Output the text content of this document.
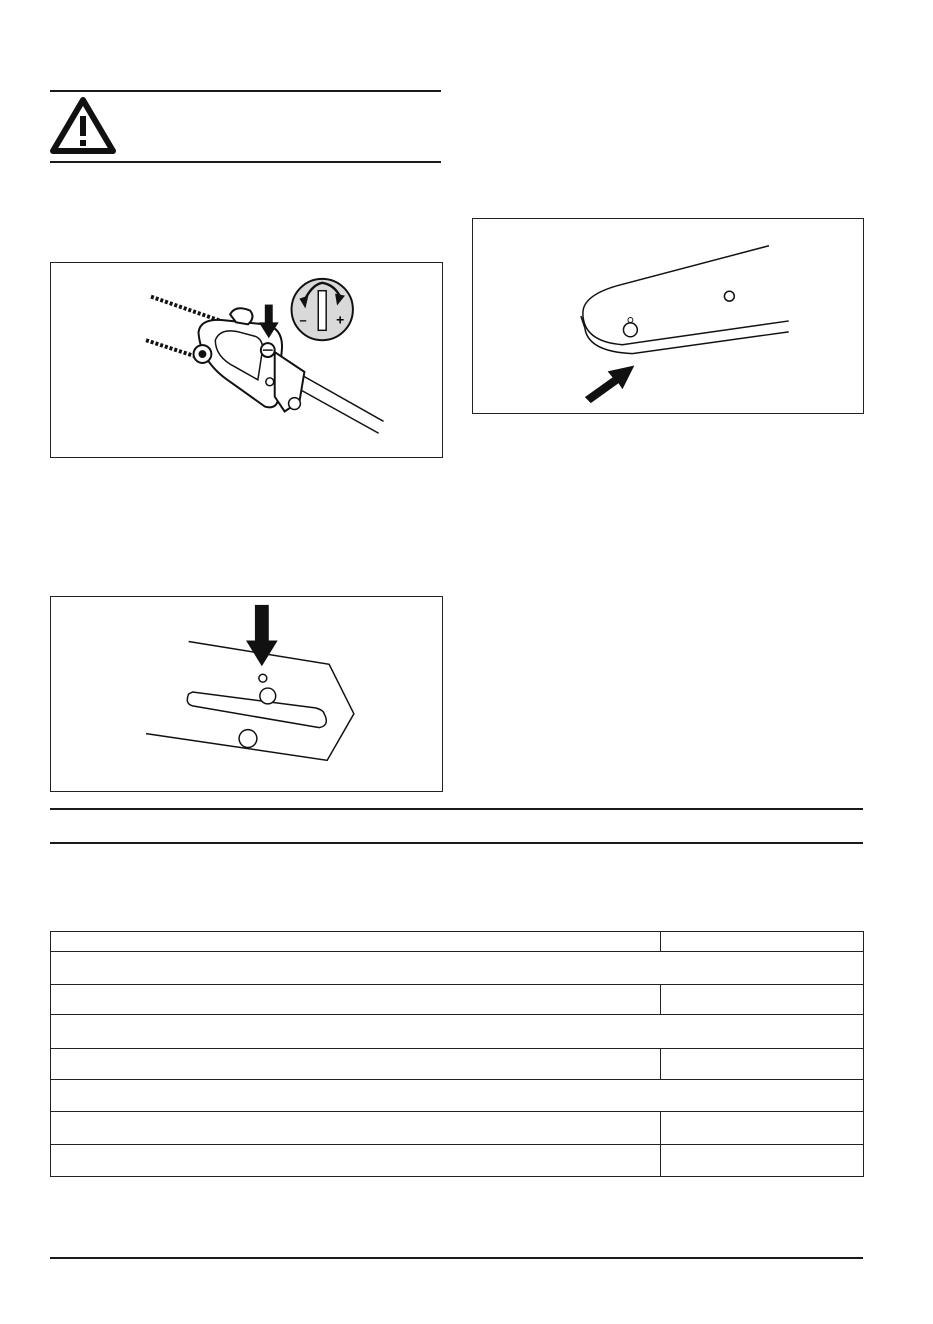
– +
